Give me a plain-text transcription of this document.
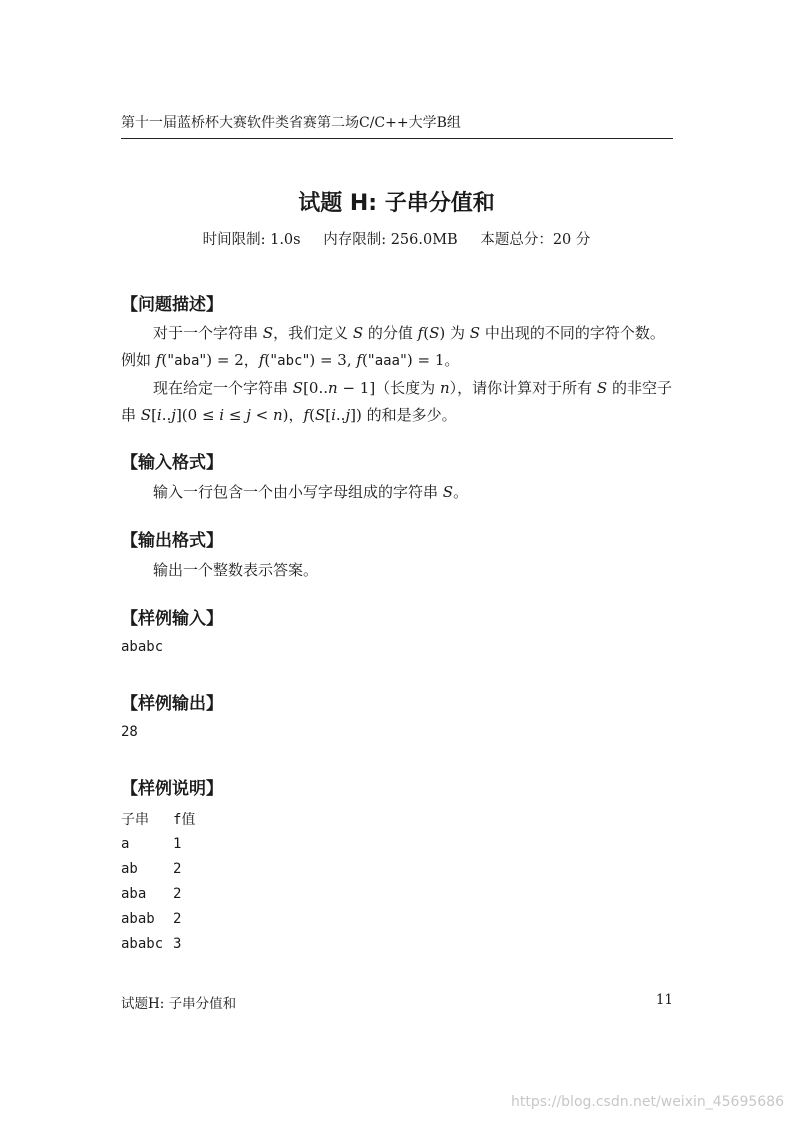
第十一届蓝桥杯大赛软件类省赛第二场C/C++大学B组
试题 H: 子串分值和
时间限制: 1.0s 内存限制: 256.0MB 本题总分：20 分
【问题描述】
对于一个字符串 S，我们定义 S 的分值 f(S) 为 S 中出现的不同的字符个数。例如 f("aba") = 2，f("abc") = 3, f("aaa") = 1。
现在给定一个字符串 S[0..n − 1]（长度为 n），请你计算对于所有 S 的非空子串 S[i..j](0 ≤ i ≤ j < n)，f(S[i..j]) 的和是多少。
【输入格式】
输入一行包含一个由小写字母组成的字符串 S。
【输出格式】
输出一个整数表示答案。
【样例输入】
ababc
【样例输出】
28
【样例说明】
子串	f值
a	1
ab	2
aba	2
abab	2
ababc	3
试题H: 子串分值和	11
https://blog.csdn.net/weixin_45695686
